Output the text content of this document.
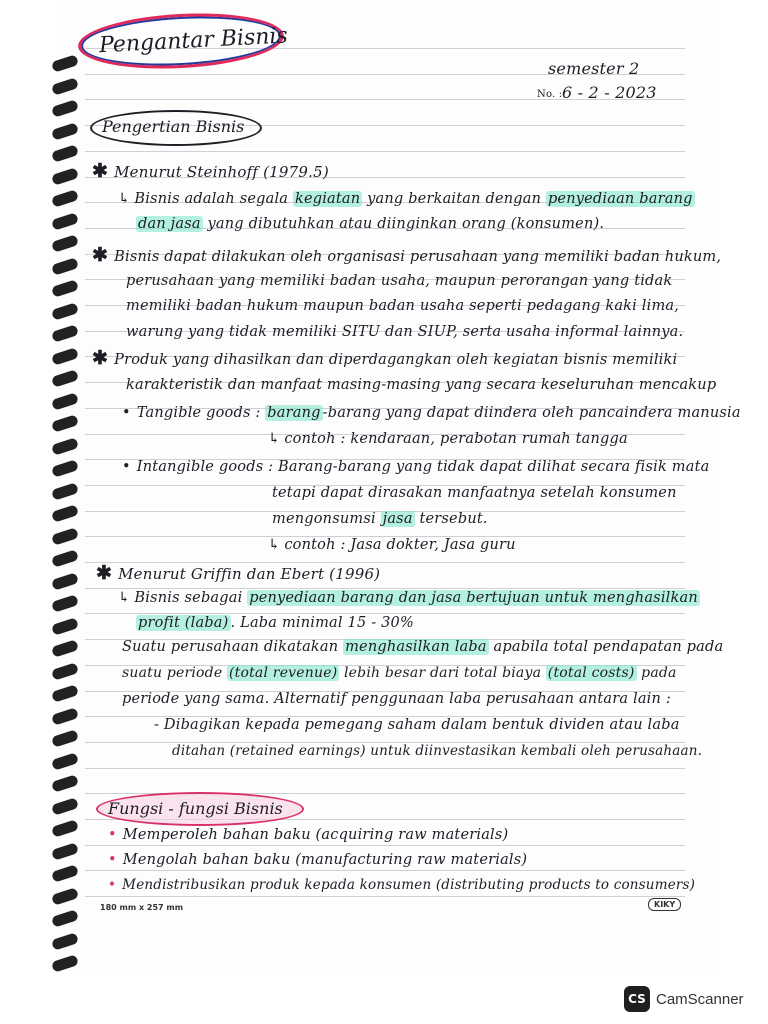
Pengantar Bisnis
semester 2
No. : 6 - 2 - 2023
Pengertian Bisnis
✱ Menurut Steinhoff (1979.5)
↳ Bisnis adalah segala kegiatan yang berkaitan dengan penyediaan barang
dan jasa yang dibutuhkan atau diinginkan orang (konsumen).
✱ Bisnis dapat dilakukan oleh organisasi perusahaan yang memiliki badan hukum,
perusahaan yang memiliki badan usaha, maupun perorangan yang tidak
memiliki badan hukum maupun badan usaha seperti pedagang kaki lima,
warung yang tidak memiliki SITU dan SIUP, serta usaha informal lainnya.
✱ Produk yang dihasilkan dan diperdagangkan oleh kegiatan bisnis memiliki
karakteristik dan manfaat masing-masing yang secara keseluruhan mencakup
• Tangible goods : barang -barang yang dapat diindera oleh pancaindera manusia
↳ contoh : kendaraan, perabotan rumah tangga
• Intangible goods : Barang-barang yang tidak dapat dilihat secara fisik mata
tetapi dapat dirasakan manfaatnya setelah konsumen
mengonsumsi jasa tersebut.
↳ contoh : Jasa dokter, Jasa guru
✱ Menurut Griffin dan Ebert (1996)
↳ Bisnis sebagai penyediaan barang dan jasa bertujuan untuk menghasilkan
profit (laba) . Laba minimal 15 - 30%
Suatu perusahaan dikatakan menghasilkan laba apabila total pendapatan pada
suatu periode (total revenue) lebih besar dari total biaya (total costs) pada
periode yang sama. Alternatif penggunaan laba perusahaan antara lain :
- Dibagikan kepada pemegang saham dalam bentuk dividen atau laba
ditahan (retained earnings) untuk diinvestasikan kembali oleh perusahaan.
Fungsi - fungsi Bisnis
• Memperoleh bahan baku (acquiring raw materials)
• Mengolah bahan baku (manufacturing raw materials)
• Mendistribusikan produk kepada konsumen (distributing products to consumers)
180 mm x 257 mm	KIKY
CS CamScanner
